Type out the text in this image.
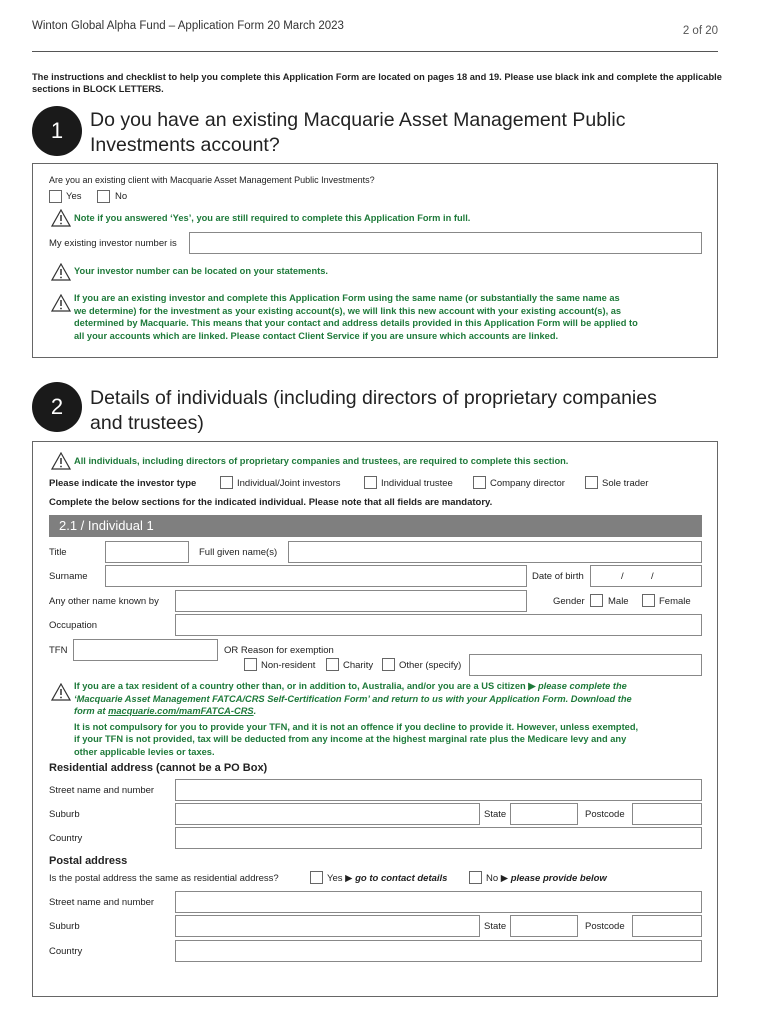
Winton Global Alpha Fund – Application Form 20 March 2023	2 of 20
The instructions and checklist to help you complete this Application Form are located on pages 18 and 19. Please use black ink and complete the applicable sections in BLOCK LETTERS.
1	Do you have an existing Macquarie Asset Management Public
Investments account?
Are you an existing client with Macquarie Asset Management Public Investments?
Yes	No
Note if you answered ‘Yes’, you are still required to complete this Application Form in full.
My existing investor number is
Your investor number can be located on your statements.
If you are an existing investor and complete this Application Form using the same name (or substantially the same name as
we determine) for the investment as your existing account(s), we will link this new account with your existing account(s), as
determined by Macquarie. This means that your contact and address details provided in this Application Form will be applied to
all your accounts which are linked. Please contact Client Service if you are unsure which accounts are linked.
2	Details of individuals (including directors of proprietary companies
and trustees)
All individuals, including directors of proprietary companies and trustees, are required to complete this section.
Please indicate the investor type	Individual/Joint investors	Individual trustee	Company director	Sole trader
Complete the below sections for the indicated individual. Please note that all fields are mandatory.
2.1 / Individual 1
Title	Full given name(s)
Surname	Date of birth	/	/
Any other name known by	Gender Male	Female
Occupation
TFN	OR Reason for exemption
Non-resident	Charity	Other (specify)
If you are a tax resident of a country other than, or in addition to, Australia, and/or you are a US citizen ▶ please complete the
‘Macquarie Asset Management FATCA/CRS Self-Certification Form’ and return to us with your Application Form. Download the
form at macquarie.com/mamFATCA-CRS.
It is not compulsory for you to provide your TFN, and it is not an offence if you decline to provide it. However, unless exempted,
if your TFN is not provided, tax will be deducted from any income at the highest marginal rate plus the Medicare levy and any
other applicable levies or taxes.
Residential address (cannot be a PO Box)
Street name and number
Suburb	State	Postcode
Country
Postal address
Is the postal address the same as residential address?	Yes ▶ go to contact details	No ▶ please provide below
Street name and number
Suburb	State	Postcode
Country
